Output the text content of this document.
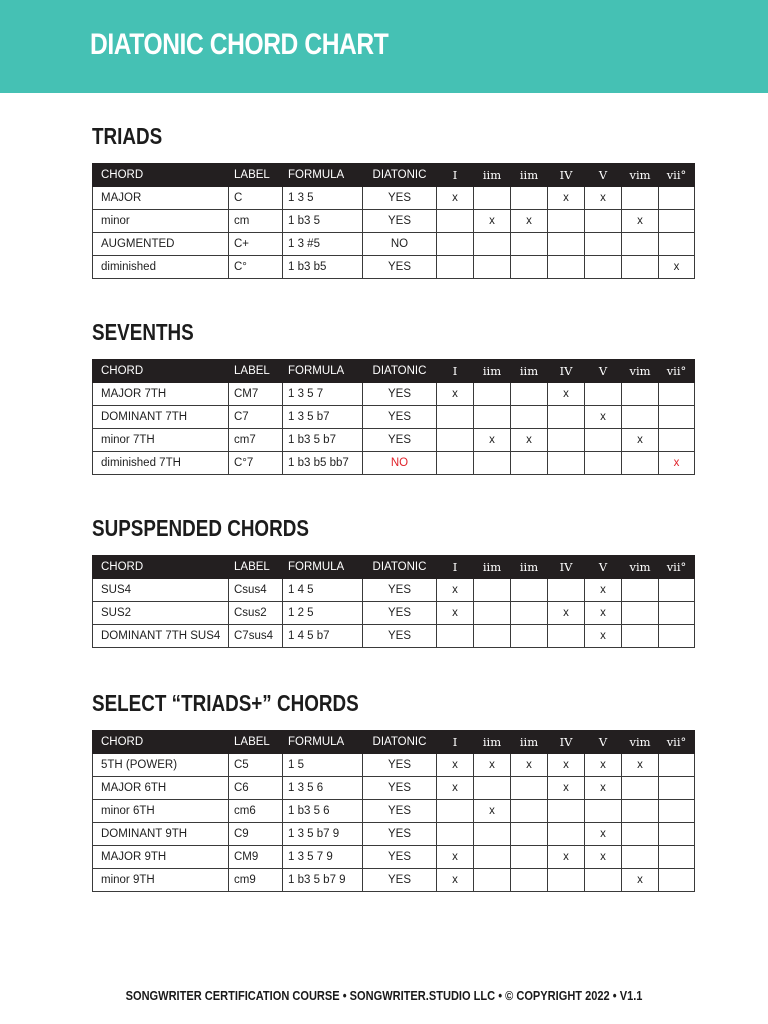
DIATONIC CHORD CHART
TRIADS
CHORD	LABEL	FORMULA	DIATONIC	I	iim	iim	IV	V	vim	vii°
MAJOR	C	1 3 5	YES	x			x	x		
minor	cm	1 b3 5	YES		x	x			x	
AUGMENTED	C+	1 3 #5	NO							
diminished	C°	1 b3 b5	YES							x
SEVENTHS
CHORD	LABEL	FORMULA	DIATONIC	I	iim	iim	IV	V	vim	vii°
MAJOR 7TH	CM7	1 3 5 7	YES	x			x			
DOMINANT 7TH	C7	1 3 5 b7	YES					x		
minor 7TH	cm7	1 b3 5 b7	YES		x	x			x	
diminished 7TH	C°7	1 b3 b5 bb7	NO							x
SUPSPENDED CHORDS
CHORD	LABEL	FORMULA	DIATONIC	I	iim	iim	IV	V	vim	vii°
SUS4	Csus4	1 4 5	YES	x				x		
SUS2	Csus2	1 2 5	YES	x			x	x		
DOMINANT 7TH SUS4	C7sus4	1 4 5 b7	YES					x		
SELECT “TRIADS+” CHORDS
CHORD	LABEL	FORMULA	DIATONIC	I	iim	iim	IV	V	vim	vii°
5TH (POWER)	C5	1 5	YES	x	x	x	x	x	x	
MAJOR 6TH	C6	1 3 5 6	YES	x			x	x		
minor 6TH	cm6	1 b3 5 6	YES		x					
DOMINANT 9TH	C9	1 3 5 b7 9	YES					x		
MAJOR 9TH	CM9	1 3 5 7 9	YES	x			x	x		
minor 9TH	cm9	1 b3 5 b7 9	YES	x					x	
SONGWRITER CERTIFICATION COURSE • SONGWRITER.STUDIO LLC • © COPYRIGHT 2022 • V1.1
